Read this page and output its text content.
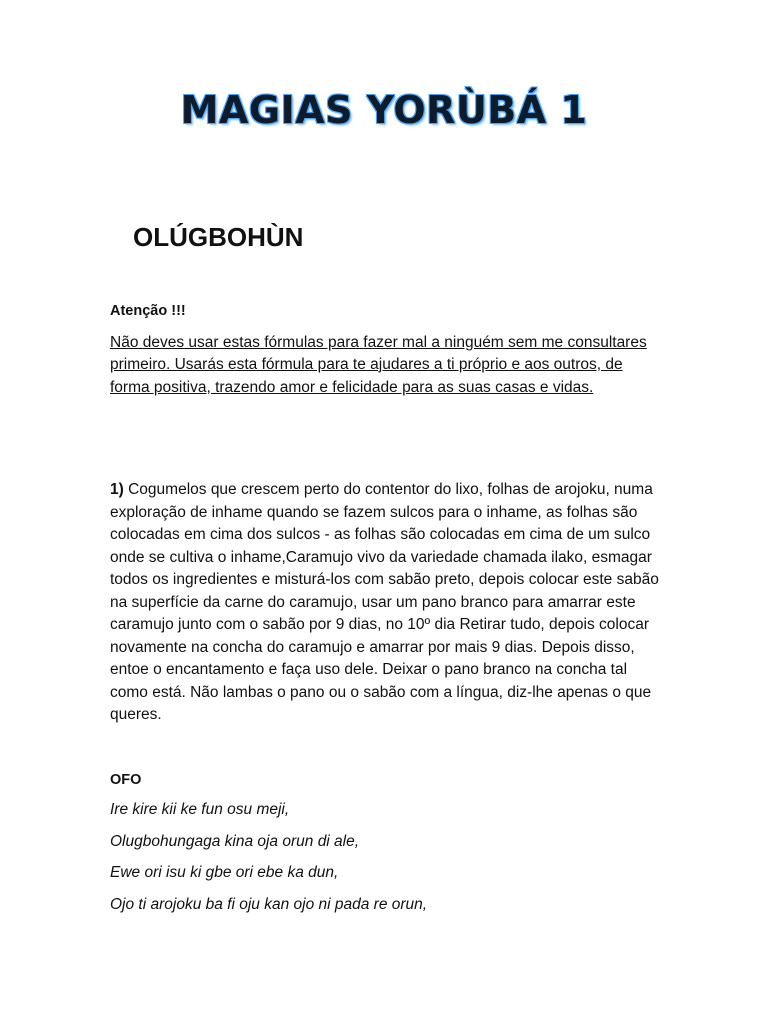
MAGIAS YORÙBÁ 1
OLÚGBOHÙN

Atenção !!!

Não deves usar estas fórmulas para fazer mal a ninguém sem me consultares primeiro. Usarás esta fórmula para te ajudares a ti próprio e aos outros, de forma positiva, trazendo amor e felicidade para as suas casas e vidas.

1) Cogumelos que crescem perto do contentor do lixo, folhas de arojoku, numa exploração de inhame quando se fazem sulcos para o inhame, as folhas são colocadas em cima dos sulcos - as folhas são colocadas em cima de um sulco onde se cultiva o inhame,Caramujo vivo da variedade chamada ilako, esmagar todos os ingredientes e misturá-los com sabão preto, depois colocar este sabão na superfície da carne do caramujo, usar um pano branco para amarrar este caramujo junto com o sabão por 9 dias, no 10º dia Retirar tudo, depois colocar novamente na concha do caramujo e amarrar por mais 9 dias. Depois disso, entoe o encantamento e faça uso dele. Deixar o pano branco na concha tal como está. Não lambas o pano ou o sabão com a língua, diz-lhe apenas o que queres.

OFO

Ire kire kii ke fun osu meji,

Olugbohungaga kina oja orun di ale,

Ewe ori isu ki gbe ori ebe ka dun,

Ojo ti arojoku ba fi oju kan ojo ni pada re orun,
